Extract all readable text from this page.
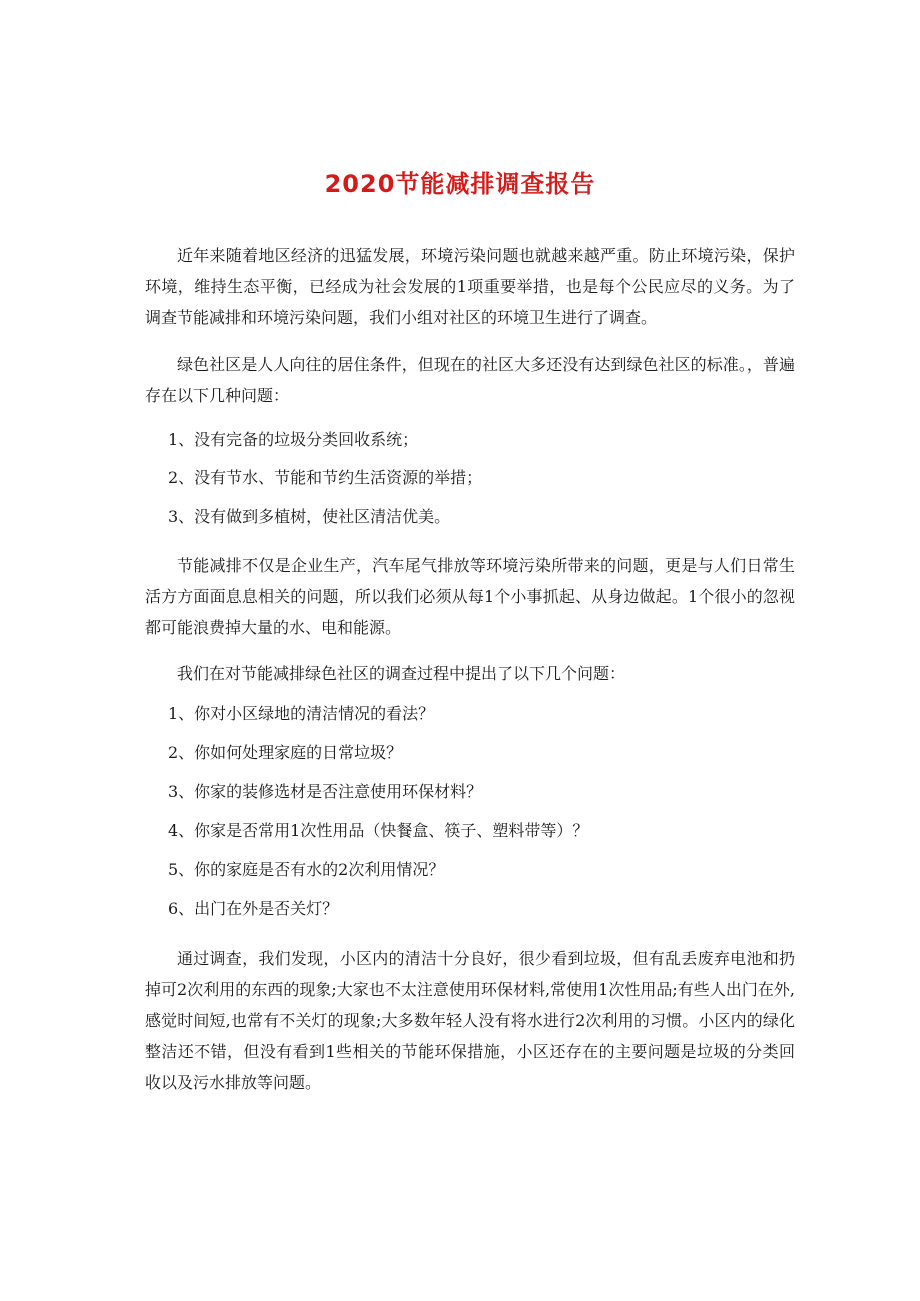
2020节能减排调查报告

近年来随着地区经济的迅猛发展，环境污染问题也就越来越严重。防止环境污染，保护环境，维持生态平衡，已经成为社会发展的1项重要举措，也是每个公民应尽的义务。为了调查节能减排和环境污染问题，我们小组对社区的环境卫生进行了调查。

绿色社区是人人向往的居住条件，但现在的社区大多还没有达到绿色社区的标准。，普遍存在以下几种问题：

1、没有完备的垃圾分类回收系统；

2、没有节水、节能和节约生活资源的举措；

3、没有做到多植树，使社区清洁优美。

节能减排不仅是企业生产，汽车尾气排放等环境污染所带来的问题，更是与人们日常生活方方面面息息相关的问题，所以我们必须从每1个小事抓起、从身边做起。1个很小的忽视都可能浪费掉大量的水、电和能源。

我们在对节能减排绿色社区的调查过程中提出了以下几个问题：

1、你对小区绿地的清洁情况的看法？

2、你如何处理家庭的日常垃圾？

3、你家的装修选材是否注意使用环保材料？

4、你家是否常用1次性用品（快餐盒、筷子、塑料带等）？

5、你的家庭是否有水的2次利用情况？

6、出门在外是否关灯？

通过调查，我们发现，小区内的清洁十分良好，很少看到垃圾，但有乱丢废弃电池和扔掉可2次利用的东西的现象;大家也不太注意使用环保材料,常使用1次性用品;有些人出门在外,感觉时间短,也常有不关灯的现象;大多数年轻人没有将水进行2次利用的习惯。小区内的绿化整洁还不错，但没有看到1些相关的节能环保措施，小区还存在的主要问题是垃圾的分类回收以及污水排放等问题。
